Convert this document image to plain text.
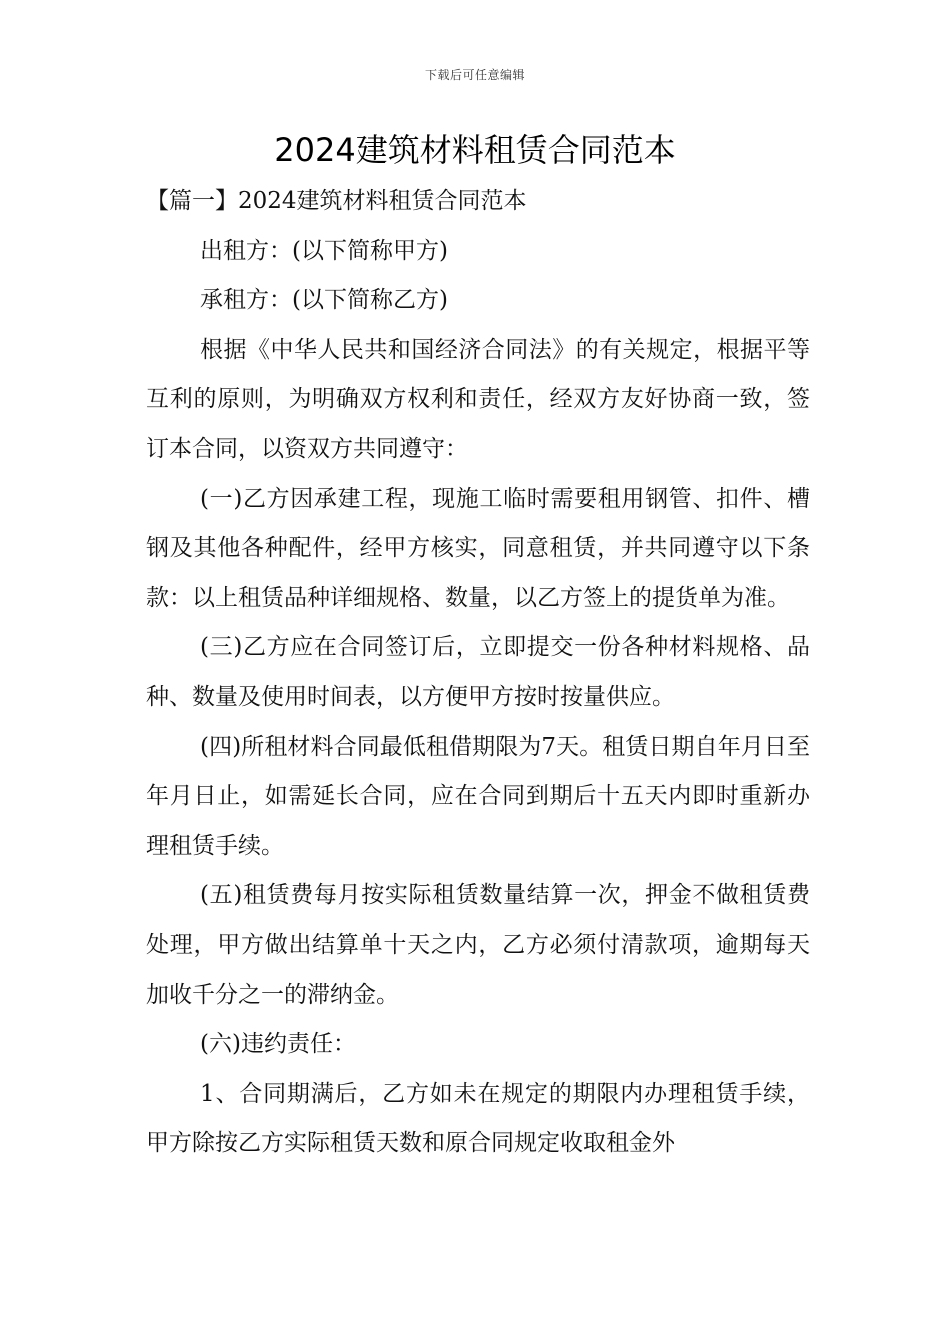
下载后可任意编辑
2024建筑材料租赁合同范本

【篇一】2024建筑材料租赁合同范本

出租方：(以下简称甲方)

承租方：(以下简称乙方)

根据《中华人民共和国经济合同法》的有关规定，根据平等互利的原则，为明确双方权利和责任，经双方友好协商一致，签订本合同，以资双方共同遵守：

(一)乙方因承建工程，现施工临时需要租用钢管、扣件、槽钢及其他各种配件，经甲方核实，同意租赁，并共同遵守以下条款：以上租赁品种详细规格、数量，以乙方签上的提货单为准。

(三)乙方应在合同签订后，立即提交一份各种材料规格、品种、数量及使用时间表，以方便甲方按时按量供应。

(四)所租材料合同最低租借期限为7天。租赁日期自年月日至年月日止，如需延长合同，应在合同到期后十五天内即时重新办理租赁手续。

(五)租赁费每月按实际租赁数量结算一次，押金不做租赁费处理，甲方做出结算单十天之内，乙方必须付清款项，逾期每天加收千分之一的滞纳金。

(六)违约责任：

1、合同期满后，乙方如未在规定的期限内办理租赁手续，甲方除按乙方实际租赁天数和原合同规定收取租金外
